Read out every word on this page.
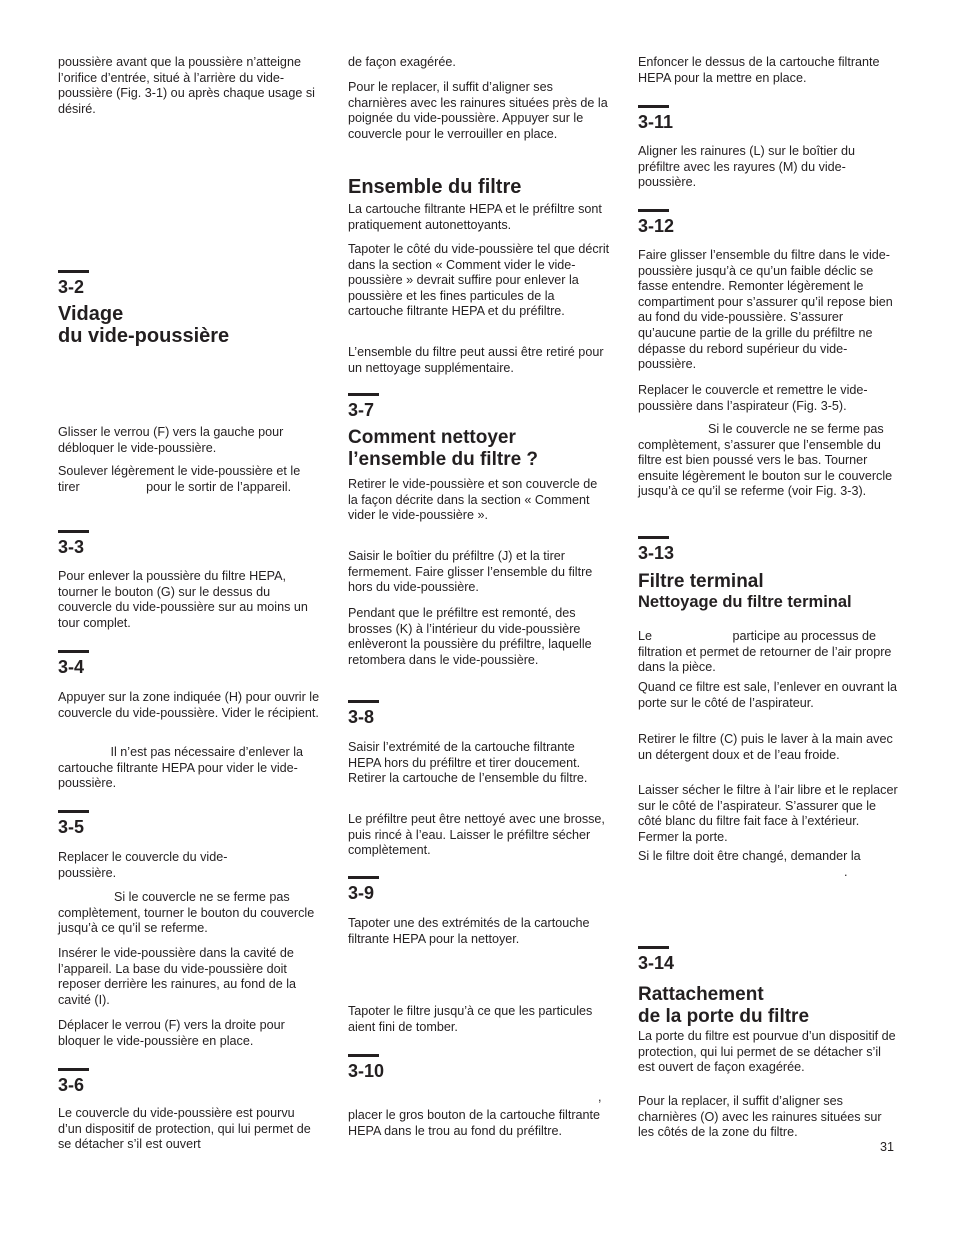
poussière avant que la poussière n’atteigne l’orifice d’entrée, situé à l’arrière du vide-poussière (Fig. 3-1) ou après chaque usage si désiré.

3-2
Vidage
du vide-poussière

Glisser le verrou (F) vers la gauche pour débloquer le vide-poussière.

Soulever légèrement le vide-poussière et le tirer                   pour le sortir de l’appareil.

3-3

Pour enlever la poussière du filtre HEPA, tourner le bouton (G) sur le dessus du couvercle du vide-poussière sur au moins un tour complet.

3-4

Appuyer sur la zone indiquée (H) pour ouvrir le couvercle du vide-poussière. Vider le récipient.

Il n’est pas nécessaire d’enlever la cartouche filtrante HEPA pour vider le vide-poussière.

3-5

Replacer le couvercle du vide-poussière.

Si le couvercle ne se ferme pas complètement, tourner le bouton du couvercle jusqu’à ce qu’il se referme.

Insérer le vide-poussière dans la cavité de l’appareil. La base du vide-poussière doit reposer derrière les rainures, au fond de la cavité (I).

Déplacer le verrou (F) vers la droite pour bloquer le vide-poussière en place.

3-6

Le couvercle du vide-poussière est pourvu d’un dispositif de protection, qui lui permet de se détacher s’il est ouvert

de façon exagérée.

Pour le replacer, il suffit d’aligner ses charnières avec les rainures situées près de la poignée du vide-poussière. Appuyer sur le couvercle pour le verrouiller en place.

Ensemble du filtre

La cartouche filtrante HEPA et le préfiltre sont pratiquement autonettoyants.

Tapoter le côté du vide-poussière tel que décrit dans la section « Comment vider le vide-poussière » devrait suffire pour enlever la poussière et les fines particules de la cartouche filtrante HEPA et du préfiltre.

L’ensemble du filtre peut aussi être retiré pour un nettoyage supplémentaire.

3-7
Comment nettoyer
l’ensemble du filtre ?

Retirer le vide-poussière et son couvercle de la façon décrite dans la section « Comment vider le vide-poussière ».

Saisir le boîtier du préfiltre (J) et la tirer fermement. Faire glisser l’ensemble du filtre hors du vide-poussière.

Pendant que le préfiltre est remonté, des brosses (K) à l’intérieur du vide-poussière enlèveront la poussière du préfiltre, laquelle retombera dans le vide-poussière.

3-8

Saisir l’extrémité de la cartouche filtrante HEPA hors du préfiltre et tirer doucement. Retirer la cartouche de l’ensemble du filtre.

Le préfiltre peut être nettoyé avec une brosse, puis rincé à l’eau. Laisser le préfiltre sécher complètement.

3-9

Tapoter une des extrémités de la cartouche filtrante HEPA pour la nettoyer.

Tapoter le filtre jusqu’à ce que les particules aient fini de tomber.

3-10

,

placer le gros bouton de la cartouche filtrante HEPA dans le trou au fond du préfiltre.

Enfoncer le dessus de la cartouche filtrante HEPA pour la mettre en place.

3-11

Aligner les rainures (L) sur le boîtier du préfiltre avec les rayures (M) du vide-poussière.

3-12

Faire glisser l’ensemble du filtre dans le vide-poussière jusqu’à ce qu’un faible déclic se fasse entendre. Remonter légèrement le compartiment pour s’assurer qu’il repose bien au fond du vide-poussière. S’assurer qu’aucune partie de la grille du préfiltre ne dépasse du rebord supérieur du vide-poussière.

Replacer le couvercle et remettre le vide-poussière dans l’aspirateur (Fig. 3-5).

Si le couvercle ne se ferme pas complètement, s’assurer que l’ensemble du filtre est bien poussé vers le bas. Tourner ensuite légèrement le bouton sur le couvercle jusqu’à ce qu’il se referme (voir Fig. 3-3).

3-13
Filtre terminal
Nettoyage du filtre terminal

Le                       participe au processus de filtration et permet de retourner de l’air propre dans la pièce.

Quand ce filtre est sale, l’enlever en ouvrant la porte sur le côté de l’aspirateur.

Retirer le filtre (C) puis le laver à la main avec un détergent doux et de l’eau froide.

Laisser sécher le filtre à l’air libre et le replacer sur le côté de l’aspirateur. S’assurer que le côté blanc du filtre fait face à l’extérieur. Fermer la porte.

Si le filtre doit être changé, demander la

.

3-14
Rattachement
de la porte du filtre

La porte du filtre est pourvue d’un dispositif de protection, qui lui permet de se détacher s’il est ouvert de façon exagérée.

Pour la replacer, il suffit d’aligner ses charnières (O) avec les rainures situées sur les côtés de la zone du filtre.

31
